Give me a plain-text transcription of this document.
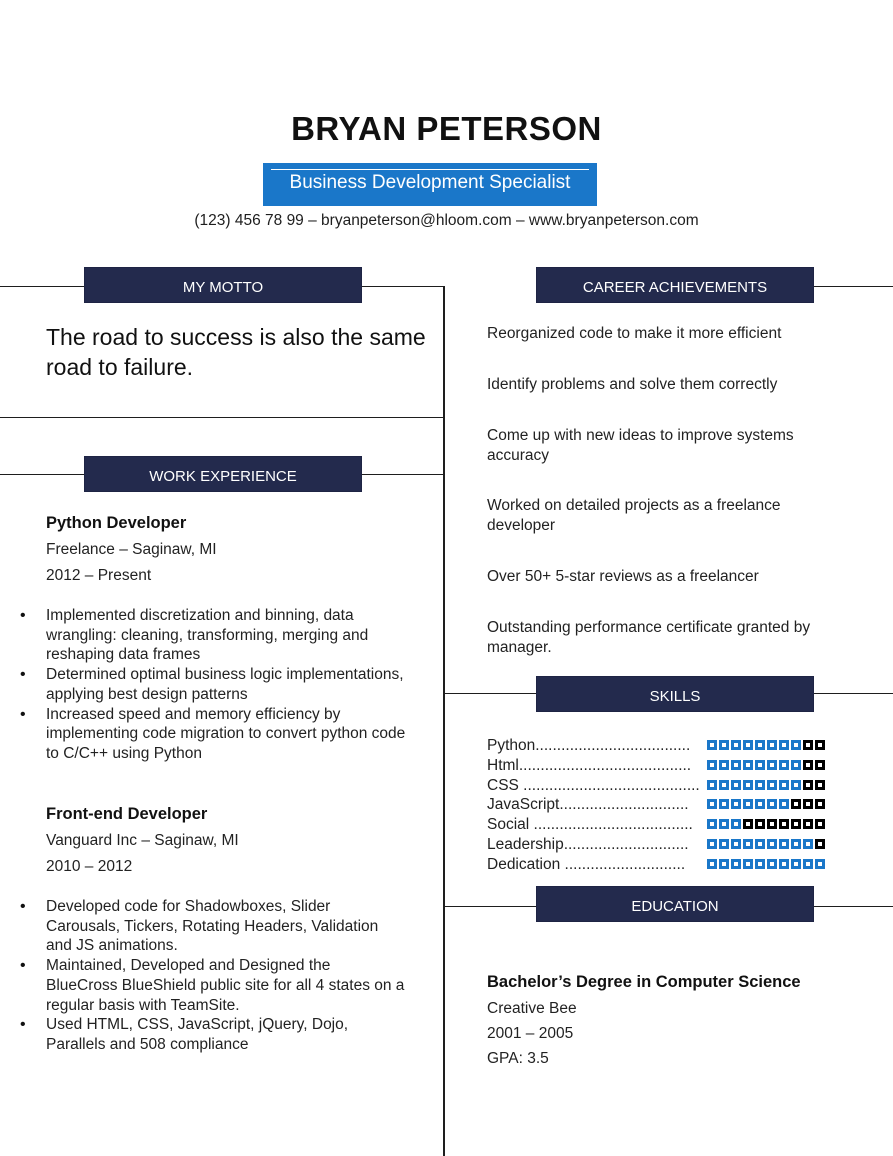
BRYAN PETERSON
Business Development Specialist
(123) 456 78 99 – bryanpeterson@hloom.com – www.bryanpeterson.com
MY MOTTO	CAREER ACHIEVEMENTS
WORK EXPERIENCE
SKILLS
EDUCATION
The road to success is also the same road to failure.
Python Developer
Freelance – Saginaw, MI
2012 – Present
• Implemented discretization and binning, data wrangling: cleaning, transforming, merging and reshaping data frames
• Determined optimal business logic implementations, applying best design patterns
• Increased speed and memory efficiency by implementing code migration to convert python code to C/C++ using Python
Front-end Developer
Vanguard Inc – Saginaw, MI
2010 – 2012
• Developed code for Shadowboxes, Slider Carousals, Tickers, Rotating Headers, Validation and JS animations.
• Maintained, Developed and Designed the BlueCross BlueShield public site for all 4 states on a regular basis with TeamSite.
• Used HTML, CSS, JavaScript, jQuery, Dojo, Parallels and 508 compliance
Reorganized code to make it more efficient
Identify problems and solve them correctly
Come up with new ideas to improve systems accuracy
Worked on detailed projects as a freelance developer
Over 50+ 5-star reviews as a freelancer
Outstanding performance certificate granted by manager.
Python....................................
Html........................................
CSS .........................................
JavaScript..............................
Social .....................................
Leadership.............................
Dedication ............................
Bachelor’s Degree in Computer Science
Creative Bee
2001 – 2005
GPA: 3.5
